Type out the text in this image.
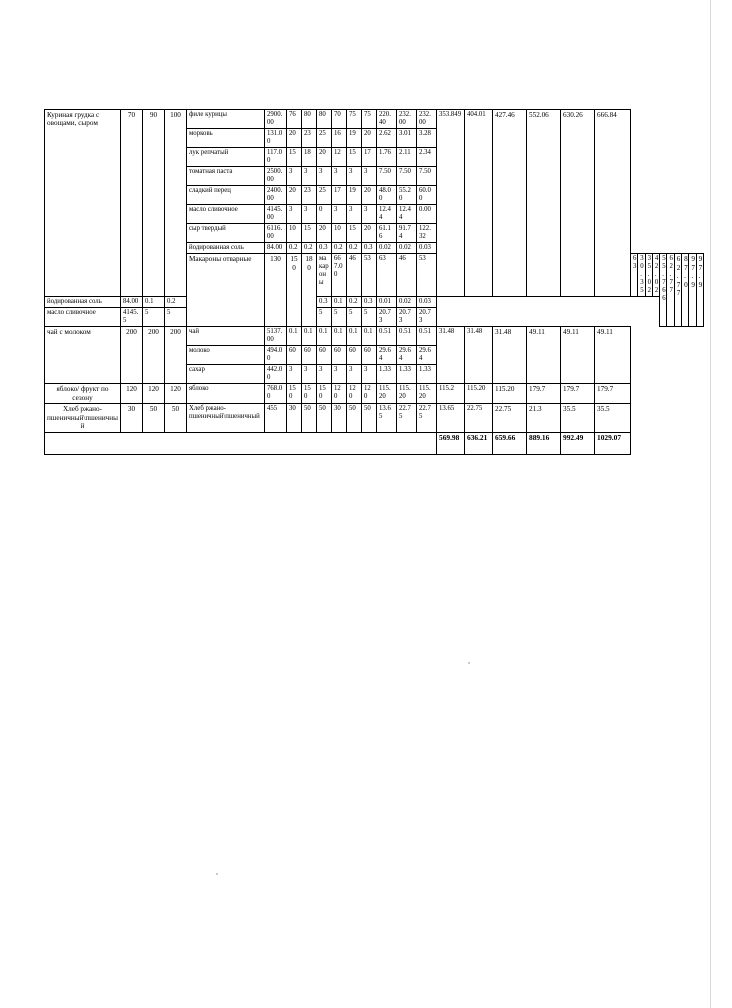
Куриная грудка с овощами, сыром	70	90	100	филе курицы	2900.00	76	80	80	70	75	75	220.40	232.00	232.00	353.849	404.01	427.46	552.06	630.26	666.84										
				морковь	131.00	20	23	25	16	19	20	2.62	3.01	3.28																
				лук репчатый	117.00	15	18	20	12	15	17	1.76	2.11	2.34																
				томатная паста	2500.00	3	3	3	3	3	3	7.50	7.50	7.50																
				сладкий перец	2400.00	20	23	25	17	19	20	48.00	55.20	60.00																
				масло сливочное	4145.00	3	3	0	3	3	3	12.44	12.44	0.00																
				сыр твердый	6116.00	10	15	20	10	15	20	61.16	91.74	122.32																
				йодированная соль	84.00	0.2	0.2	0.3	0.2	0.2	0.3	0.02	0.02	0.03																
				Макароны отварные	130	150	180	макароны	667.00	46	53	63	46	53							63	30.35	35.02	42.02	55.766	62.77	62.77	87.0	97.9	97.9
йодированная соль	84.00	0.1	0.2					0.3	0.1	0.2	0.3	0.01	0.02	0.03																
масло сливочное	4145.5	5	5					5	5	5	5	20.73	20.73	20.73																
чай с молоком	200	200	200	чай	5137.00	0.1	0.1	0.1	0.1	0.1	0.1	0.51	0.51	0.51	31.48	31.48	31.48	49.11	49.11	49.11										
				молоко	494.00	60	60	60	60	60	60	29.64	29.64	29.64																
				сахар	442.00	3	3	3	3	3	3	1.33	1.33	1.33																
яблоко/ фрукт по сезону	120	120	120	яблоко	768.00	150	150	150	120	120	120	115.20	115.20	115.20	115.2	115.20	115.20	179.7	179.7	179.7										
Хлеб ржано-пшеничный\пшеничный	30	50	50	Хлеб ржано-пшеничный\пшеничный	455	30	50	50	30	50	50	13.65	22.75	22.75	13.65	22.75	22.75	21.3	35.5	35.5										
															569.98	636.21	659.66	889.16	992.49	1029.07										
